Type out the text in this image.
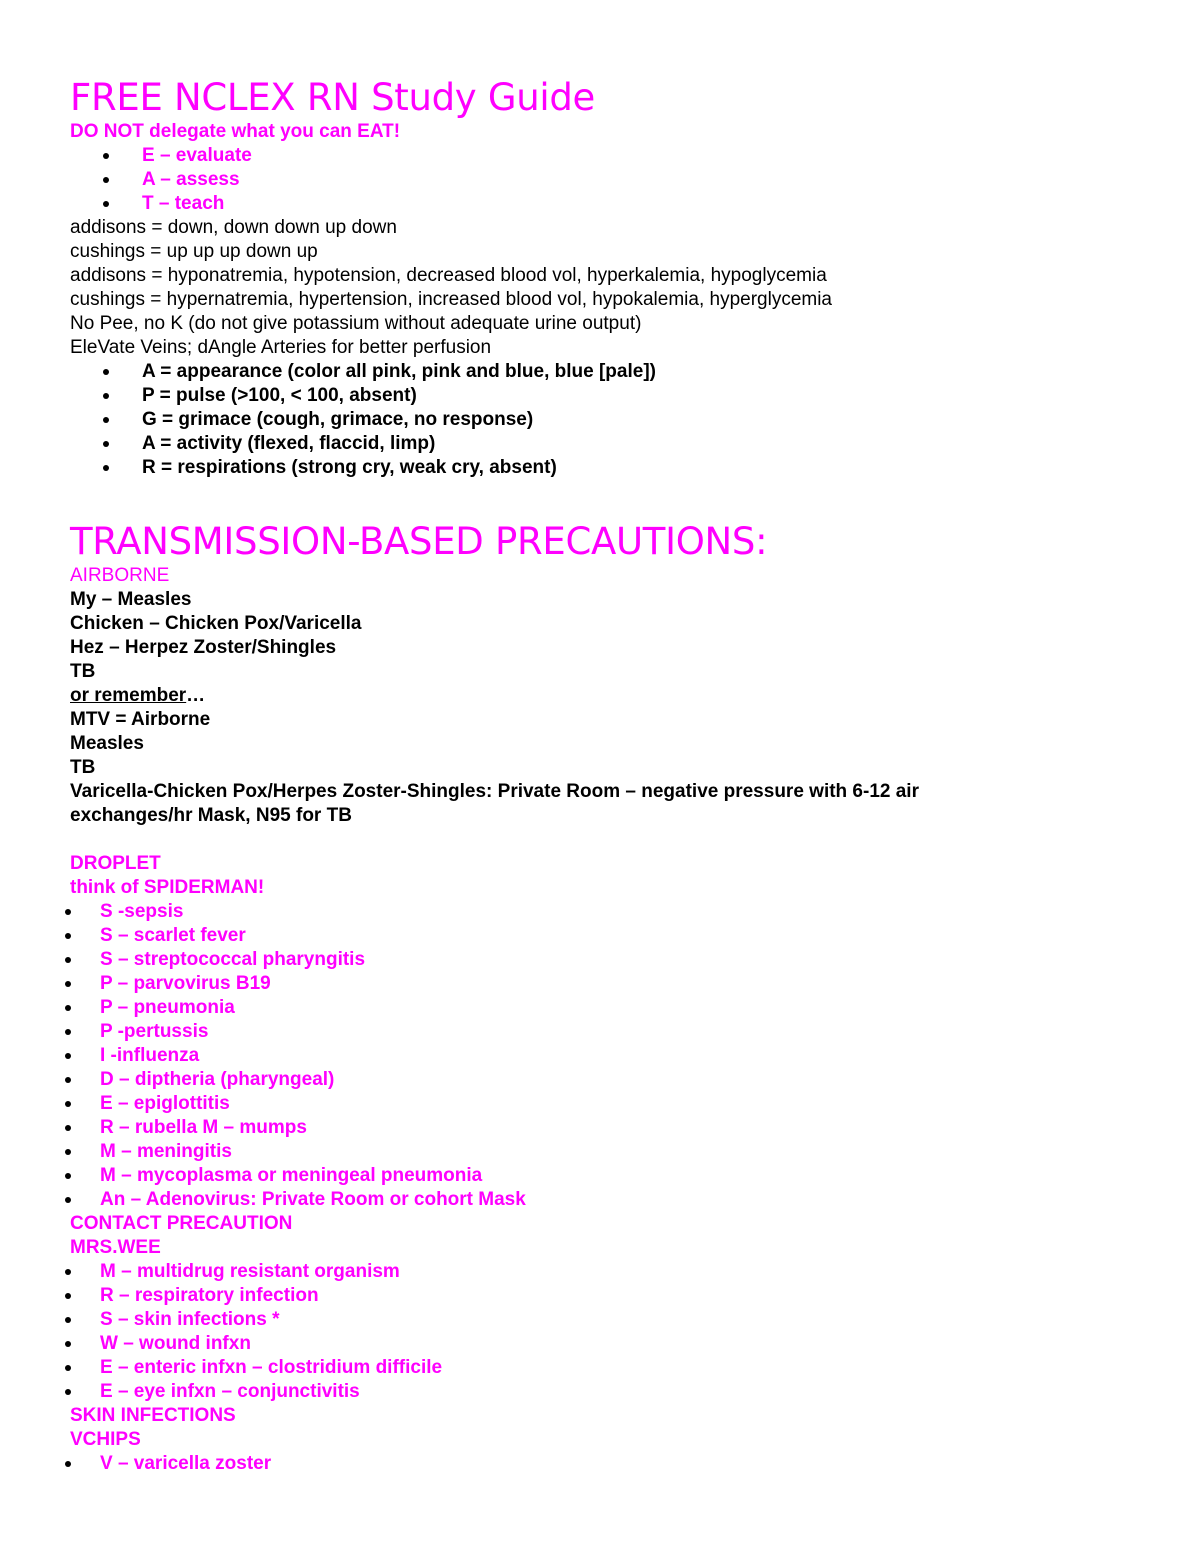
FREE NCLEX RN Study Guide
DO NOT delegate what you can EAT!
E – evaluate
A – assess
T – teach
addisons = down, down down up down
cushings = up up up down up
addisons = hyponatremia, hypotension, decreased blood vol, hyperkalemia, hypoglycemia
cushings = hypernatremia, hypertension, increased blood vol, hypokalemia, hyperglycemia
No Pee, no K (do not give potassium without adequate urine output)
EleVate Veins; dAngle Arteries for better perfusion
A = appearance (color all pink, pink and blue, blue [pale])
P = pulse (>100, < 100, absent)
G = grimace (cough, grimace, no response)
A = activity (flexed, flaccid, limp)
R = respirations (strong cry, weak cry, absent)
TRANSMISSION-BASED PRECAUTIONS:
AIRBORNE
My – Measles
Chicken – Chicken Pox/Varicella
Hez – Herpez Zoster/Shingles
TB
or remember…
MTV = Airborne
Measles
TB
Varicella-Chicken Pox/Herpes Zoster-Shingles: Private Room – negative pressure with 6-12 air
exchanges/hr Mask, N95 for TB
DROPLET
think of SPIDERMAN!
S -sepsis
S – scarlet fever
S – streptococcal pharyngitis
P – parvovirus B19
P – pneumonia
P -pertussis
I -influenza
D – diptheria (pharyngeal)
E – epiglottitis
R – rubella M – mumps
M – meningitis
M – mycoplasma or meningeal pneumonia
An – Adenovirus: Private Room or cohort Mask
CONTACT PRECAUTION
MRS.WEE
M – multidrug resistant organism
R – respiratory infection
S – skin infections *
W – wound infxn
E – enteric infxn – clostridium difficile
E – eye infxn – conjunctivitis
SKIN INFECTIONS
VCHIPS
V – varicella zoster
